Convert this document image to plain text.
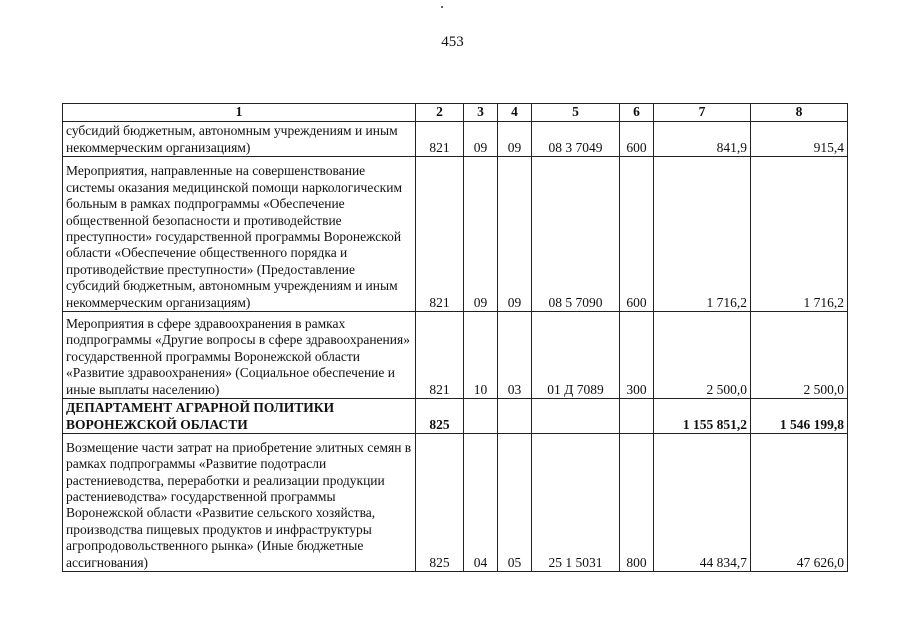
453
1	2	3	4	5	6	7	8
субсидий бюджетным, автономным учреждениям и иным некоммерческим организациям)	821	09	09	08 3 7049	600	841,9	915,4
Мероприятия, направленные на совершенствование системы оказания медицинской помощи наркологическим больным в рамках подпрограммы «Обеспечение общественной безопасности и противодействие преступности» государственной программы Воронежской области «Обеспечение общественного порядка и противодействие преступности» (Предоставление субсидий бюджетным, автономным учреждениям и иным некоммерческим организациям)	821	09	09	08 5 7090	600	1 716,2	1 716,2
Мероприятия в сфере здравоохранения в рамках подпрограммы «Другие вопросы в сфере здравоохранения» государственной программы Воронежской области «Развитие здравоохранения» (Социальное обеспечение и иные выплаты населению)	821	10	03	01 Д 7089	300	2 500,0	2 500,0
ДЕПАРТАМЕНТ АГРАРНОЙ ПОЛИТИКИ ВОРОНЕЖСКОЙ ОБЛАСТИ	825					1 155 851,2	1 546 199,8
Возмещение части затрат на приобретение элитных семян в рамках подпрограммы «Развитие подотрасли растениеводства, переработки и реализации продукции растениеводства» государственной программы Воронежской области «Развитие сельского хозяйства, производства пищевых продуктов и инфраструктуры агропродовольственного рынка» (Иные бюджетные ассигнования)	825	04	05	25 1 5031	800	44 834,7	47 626,0
